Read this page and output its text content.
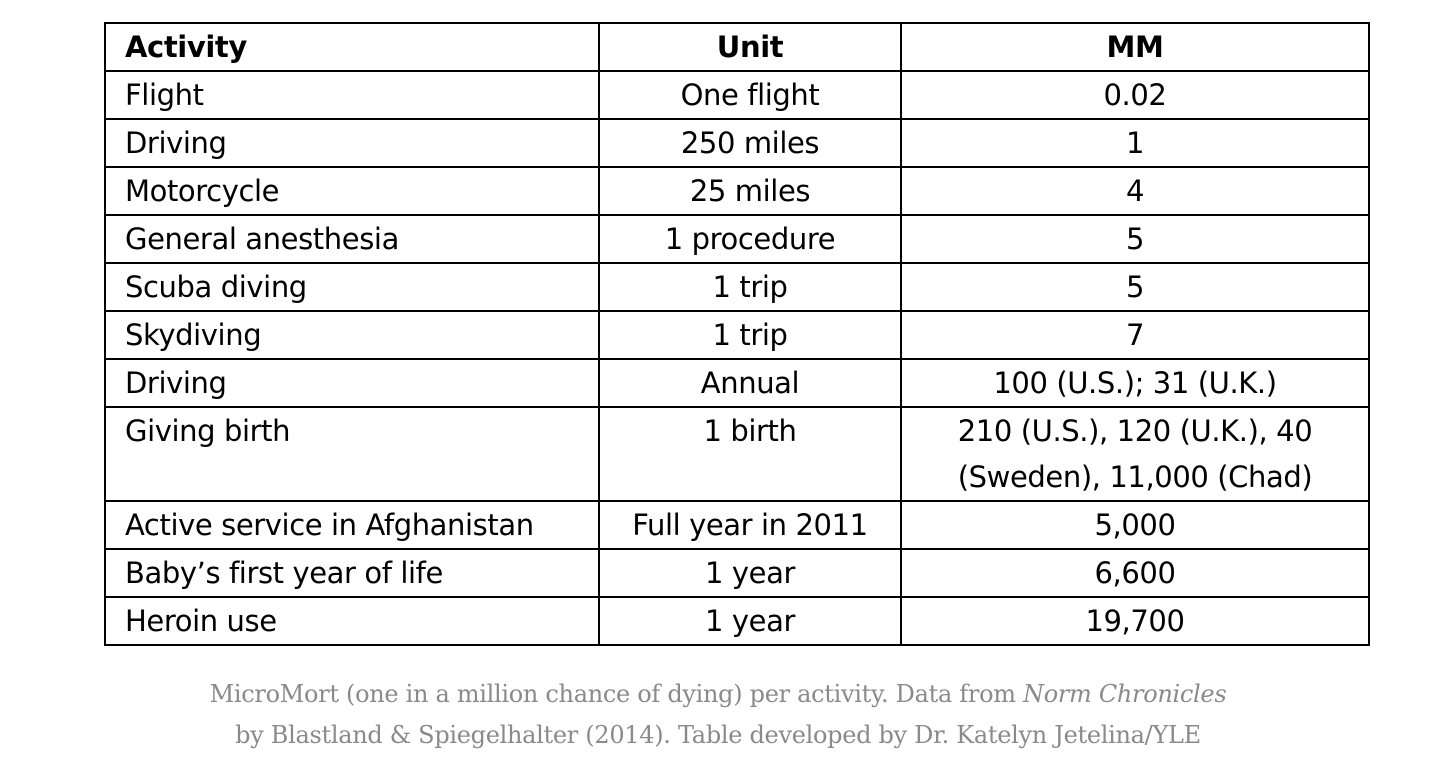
Activity	Unit	MM
Flight	One flight	0.02
Driving	250 miles	1
Motorcycle	25 miles	4
General anesthesia	1 procedure	5
Scuba diving	1 trip	5
Skydiving	1 trip	7
Driving	Annual	100 (U.S.); 31 (U.K.)
Giving birth	1 birth	210 (U.S.), 120 (U.K.), 40 (Sweden), 11,000 (Chad)
Active service in Afghanistan	Full year in 2011	5,000
Baby’s first year of life	1 year	6,600
Heroin use	1 year	19,700
MicroMort (one in a million chance of dying) per activity. Data from Norm Chronicles
by Blastland & Spiegelhalter (2014). Table developed by Dr. Katelyn Jetelina/YLE
